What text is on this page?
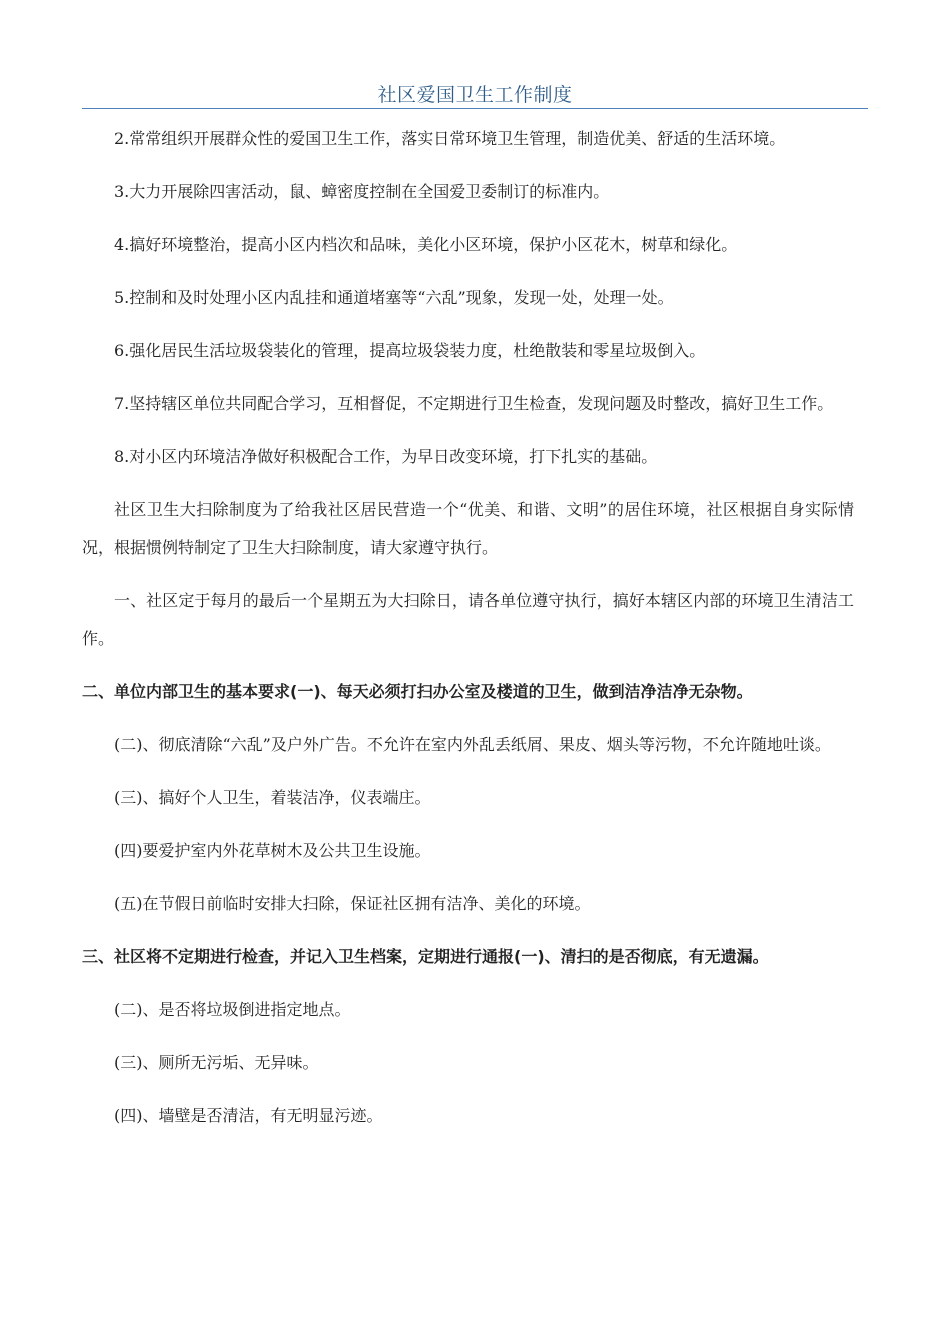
社区爱国卫生工作制度

2.常常组织开展群众性的爱国卫生工作，落实日常环境卫生管理，制造优美、舒适的生活环境。

3.大力开展除四害活动，鼠、蟑密度控制在全国爱卫委制订的标准内。

4.搞好环境整治，提高小区内档次和品味，美化小区环境，保护小区花木，树草和绿化。

5.控制和及时处理小区内乱挂和通道堵塞等“六乱”现象，发现一处，处理一处。

6.强化居民生活垃圾袋装化的管理，提高垃圾袋装力度，杜绝散装和零星垃圾倒入。

7.坚持辖区单位共同配合学习，互相督促，不定期进行卫生检查，发现问题及时整改，搞好卫生工作。

8.对小区内环境洁净做好积极配合工作，为早日改变环境，打下扎实的基础。

社区卫生大扫除制度为了给我社区居民营造一个“优美、和谐、文明”的居住环境，社区根据自身实际情况，根据惯例特制定了卫生大扫除制度，请大家遵守执行。

一、社区定于每月的最后一个星期五为大扫除日，请各单位遵守执行，搞好本辖区内部的环境卫生清洁工作。

二、单位内部卫生的基本要求(一)、每天必须打扫办公室及楼道的卫生，做到洁净洁净无杂物。

(二)、彻底清除“六乱”及户外广告。不允许在室内外乱丢纸屑、果皮、烟头等污物，不允许随地吐谈。

(三)、搞好个人卫生，着装洁净，仪表端庄。

(四)要爱护室内外花草树木及公共卫生设施。

(五)在节假日前临时安排大扫除，保证社区拥有洁净、美化的环境。

三、社区将不定期进行检查，并记入卫生档案，定期进行通报(一)、清扫的是否彻底，有无遗漏。

(二)、是否将垃圾倒进指定地点。

(三)、厕所无污垢、无异味。

(四)、墙壁是否清洁，有无明显污迹。
